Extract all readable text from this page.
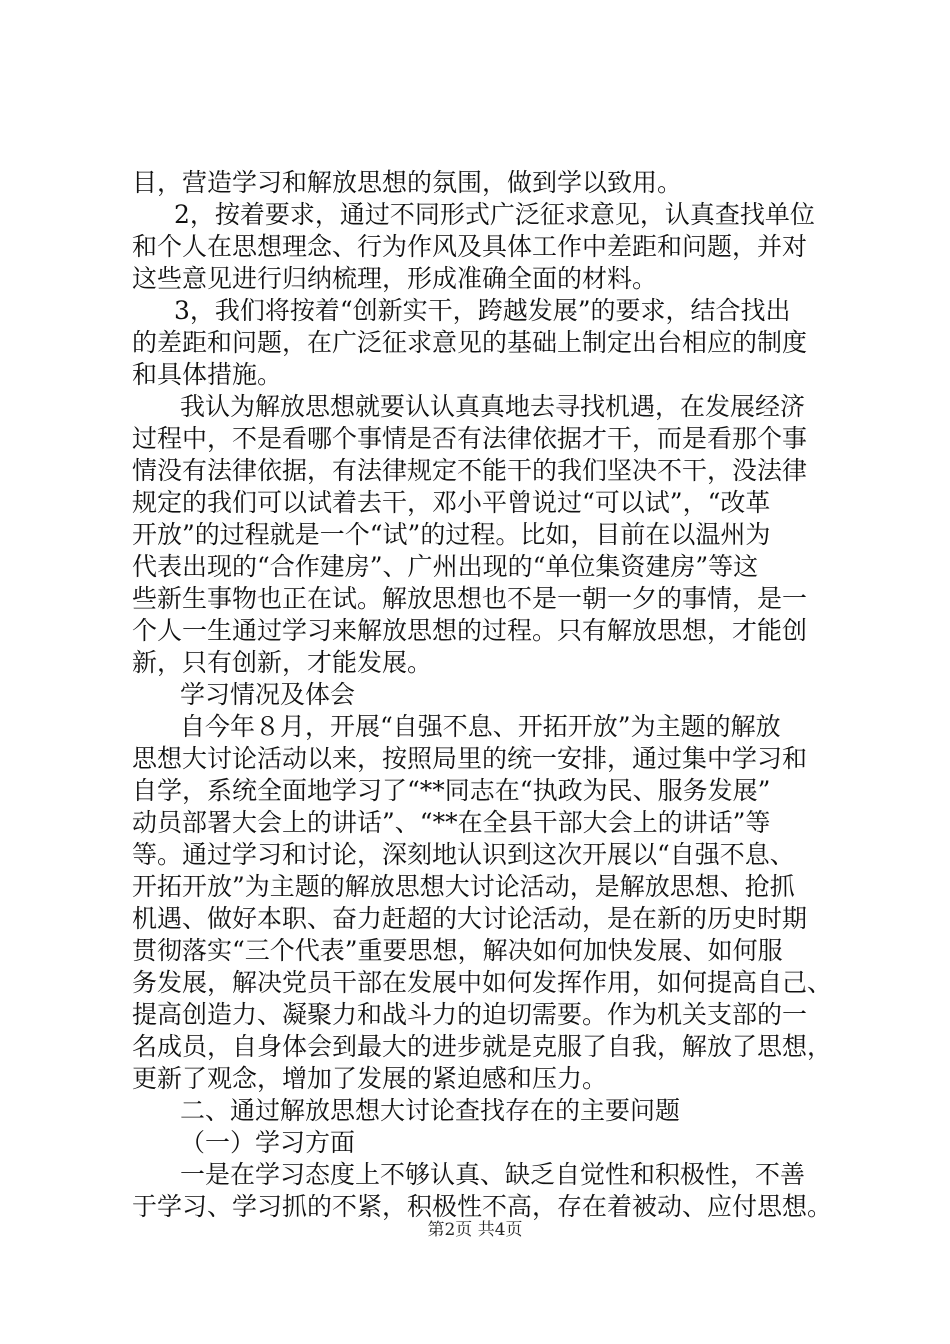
目，营造学习和解放思想的氛围，做到学以致用。

2，按着要求，通过不同形式广泛征求意见，认真查找单位

和个人在思想理念、行为作风及具体工作中差距和问题，并对

这些意见进行归纳梳理，形成准确全面的材料。

3，我们将按着“创新实干，跨越发展”的要求，结合找出

的差距和问题，在广泛征求意见的基础上制定出台相应的制度

和具体措施。

我认为解放思想就要认认真真地去寻找机遇，在发展经济

过程中，不是看哪个事情是否有法律依据才干，而是看那个事

情没有法律依据，有法律规定不能干的我们坚决不干，没法律

规定的我们可以试着去干，邓小平曾说过“可以试”，“改革

开放”的过程就是一个“试”的过程。比如，目前在以温州为

代表出现的“合作建房”、广州出现的“单位集资建房”等这

些新生事物也正在试。解放思想也不是一朝一夕的事情，是一

个人一生通过学习来解放思想的过程。只有解放思想，才能创

新，只有创新，才能发展。

学习情况及体会

自今年８月，开展“自强不息、开拓开放”为主题的解放

思想大讨论活动以来，按照局里的统一安排，通过集中学习和

自学，系统全面地学习了“**同志在“执政为民、服务发展”

动员部署大会上的讲话”、“**在全县干部大会上的讲话”等

等。通过学习和讨论，深刻地认识到这次开展以“自强不息、

开拓开放”为主题的解放思想大讨论活动，是解放思想、抢抓

机遇、做好本职、奋力赶超的大讨论活动，是在新的历史时期

贯彻落实“三个代表”重要思想，解决如何加快发展、如何服

务发展，解决党员干部在发展中如何发挥作用，如何提高自己、

提高创造力、凝聚力和战斗力的迫切需要。作为机关支部的一

名成员，自身体会到最大的进步就是克服了自我，解放了思想，

更新了观念，增加了发展的紧迫感和压力。

二、通过解放思想大讨论查找存在的主要问题

（一）学习方面

一是在学习态度上不够认真、缺乏自觉性和积极性，不善

于学习、学习抓的不紧，积极性不高，存在着被动、应付思想。

第2页 共4页
